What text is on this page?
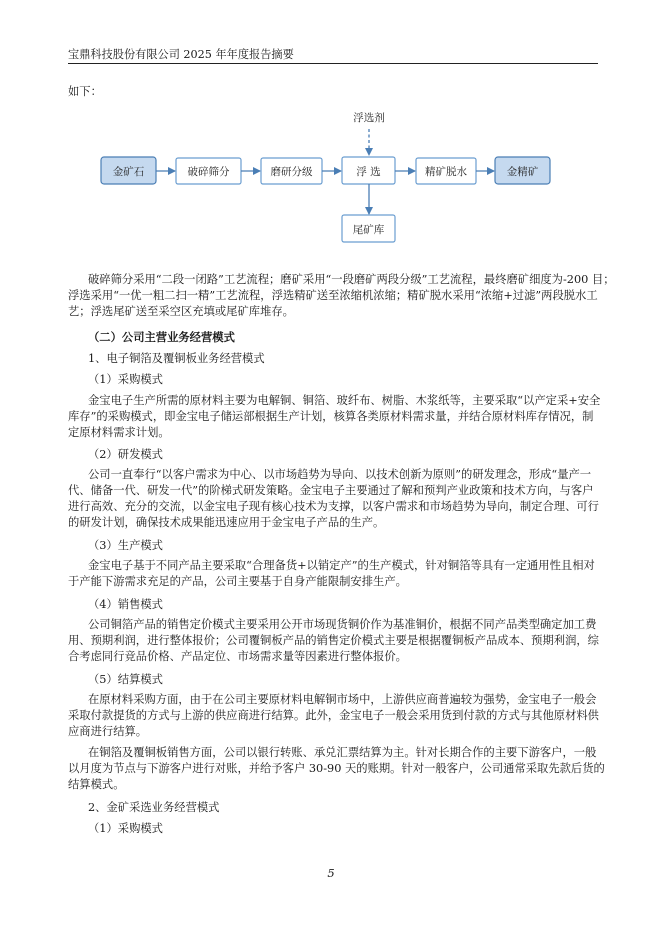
宝鼎科技股份有限公司 2025 年年度报告摘要
如下：
浮选剂
金矿石	破碎筛分	磨研分级	浮 选	精矿脱水	金精矿
尾矿库
破碎筛分采用“二段一闭路”工艺流程；磨矿采用“一段磨矿两段分级”工艺流程，最终磨矿细度为-200 目；
浮选采用“一优一粗二扫一精”工艺流程，浮选精矿送至浓缩机浓缩；精矿脱水采用“浓缩+过滤”两段脱水工
艺；浮选尾矿送至采空区充填或尾矿库堆存。
（二）公司主营业务经营模式
1、电子铜箔及覆铜板业务经营模式
（1）采购模式
金宝电子生产所需的原材料主要为电解铜、铜箔、玻纤布、树脂、木浆纸等，主要采取“以产定采+安全
库存”的采购模式，即金宝电子储运部根据生产计划，核算各类原材料需求量，并结合原材料库存情况，制
定原材料需求计划。
（2）研发模式
公司一直奉行“以客户需求为中心、以市场趋势为导向、以技术创新为原则”的研发理念，形成“量产一
代、储备一代、研发一代”的阶梯式研发策略。金宝电子主要通过了解和预判产业政策和技术方向，与客户
进行高效、充分的交流，以金宝电子现有核心技术为支撑，以客户需求和市场趋势为导向，制定合理、可行
的研发计划，确保技术成果能迅速应用于金宝电子产品的生产。
（3）生产模式
金宝电子基于不同产品主要采取“合理备货+以销定产”的生产模式，针对铜箔等具有一定通用性且相对
于产能下游需求充足的产品，公司主要基于自身产能限制安排生产。
（4）销售模式
公司铜箔产品的销售定价模式主要采用公开市场现货铜价作为基准铜价，根据不同产品类型确定加工费
用、预期利润，进行整体报价；公司覆铜板产品的销售定价模式主要是根据覆铜板产品成本、预期利润，综
合考虑同行竞品价格、产品定位、市场需求量等因素进行整体报价。
（5）结算模式
在原材料采购方面，由于在公司主要原材料电解铜市场中，上游供应商普遍较为强势，金宝电子一般会
采取付款提货的方式与上游的供应商进行结算。此外，金宝电子一般会采用货到付款的方式与其他原材料供
应商进行结算。
在铜箔及覆铜板销售方面，公司以银行转账、承兑汇票结算为主。针对长期合作的主要下游客户，一般
以月度为节点与下游客户进行对账，并给予客户 30-90 天的账期。针对一般客户，公司通常采取先款后货的
结算模式。
2、金矿采选业务经营模式
（1）采购模式
5
